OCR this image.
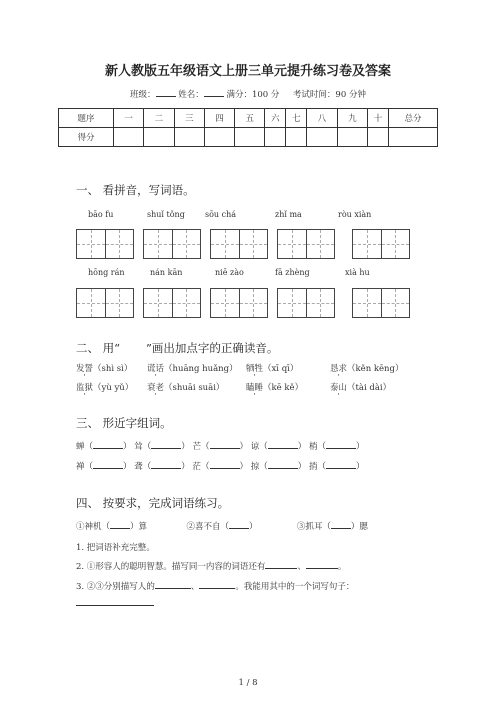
新人教版五年级语文上册三单元提升练习卷及答案
班级：	姓名：	满分：100 分 考试时间：90 分钟
题序	一	二	三	四	五	六	七	八	九	十	总分
得分											
一、 看拼音，写词语。
bāo fu	shuǐ tǒng	sōu chá	zhǐ ma	ròu xiàn
hōng rán	nán kān	niē zào	fā zhèng	xià hu
二、 用“ ”画出加点字的正确读音。
发誓（shì sì） 谎话（huāng huǎng） 牺牲（xī qī）	恳求（kěn kēng）
监狱（yù yǔ） 衰老（shuāi suāi）	瞌睡（kē kě）	泰山（tài dài）
三、 形近字组词。
蝉（	） 耸（	） 芒（	） 谅（	） 梢（	）
禅（	） 聋（	） 茫（	） 掠（	） 捎（	）
四、 按要求，完成词语练习。
①神机（ ）算	②喜不自（ ）	③抓耳（ ）腮
1. 把词语补充完整。
2. ①形容人的聪明智慧。描写同一内容的词语还有	、	。
3. ②③分别描写人的	、	。我能用其中的一个词写句子：
1 / 8
